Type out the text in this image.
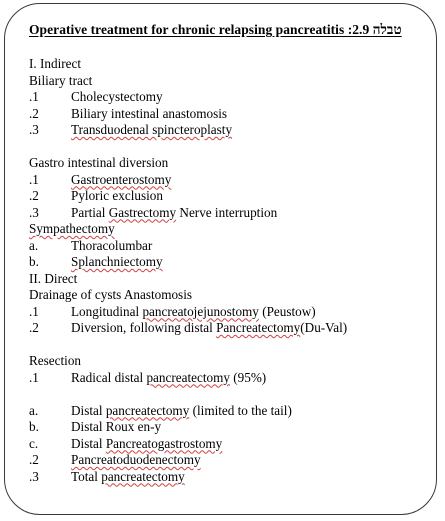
Operative treatment for chronic relapsing pancreatitis :2.9 טבלה
I. Indirect
Biliary tract
.1 Cholecystectomy
.2 Biliary intestinal anastomosis
.3 Transduodenal spincteroplasty
Gastro intestinal diversion
.1 Gastroenterostomy
.2 Pyloric exclusion
.3 Partial Gastrectomy Nerve interruption
Sympathectomy
a. Thoracolumbar
b. Splanchniectomy
II. Direct
Drainage of cysts Anastomosis
.1 Longitudinal pancreatojejunostomy (Peustow)
.2 Diversion, following distal Pancreatectomy(Du-Val)
Resection
.1 Radical distal pancreatectomy (95%)
a. Distal pancreatectomy (limited to the tail)
b. Distal Roux en-y
c. Distal Pancreatogastrostomy
.2 Pancreatoduodenectomy
.3 Total pancreatectomy
